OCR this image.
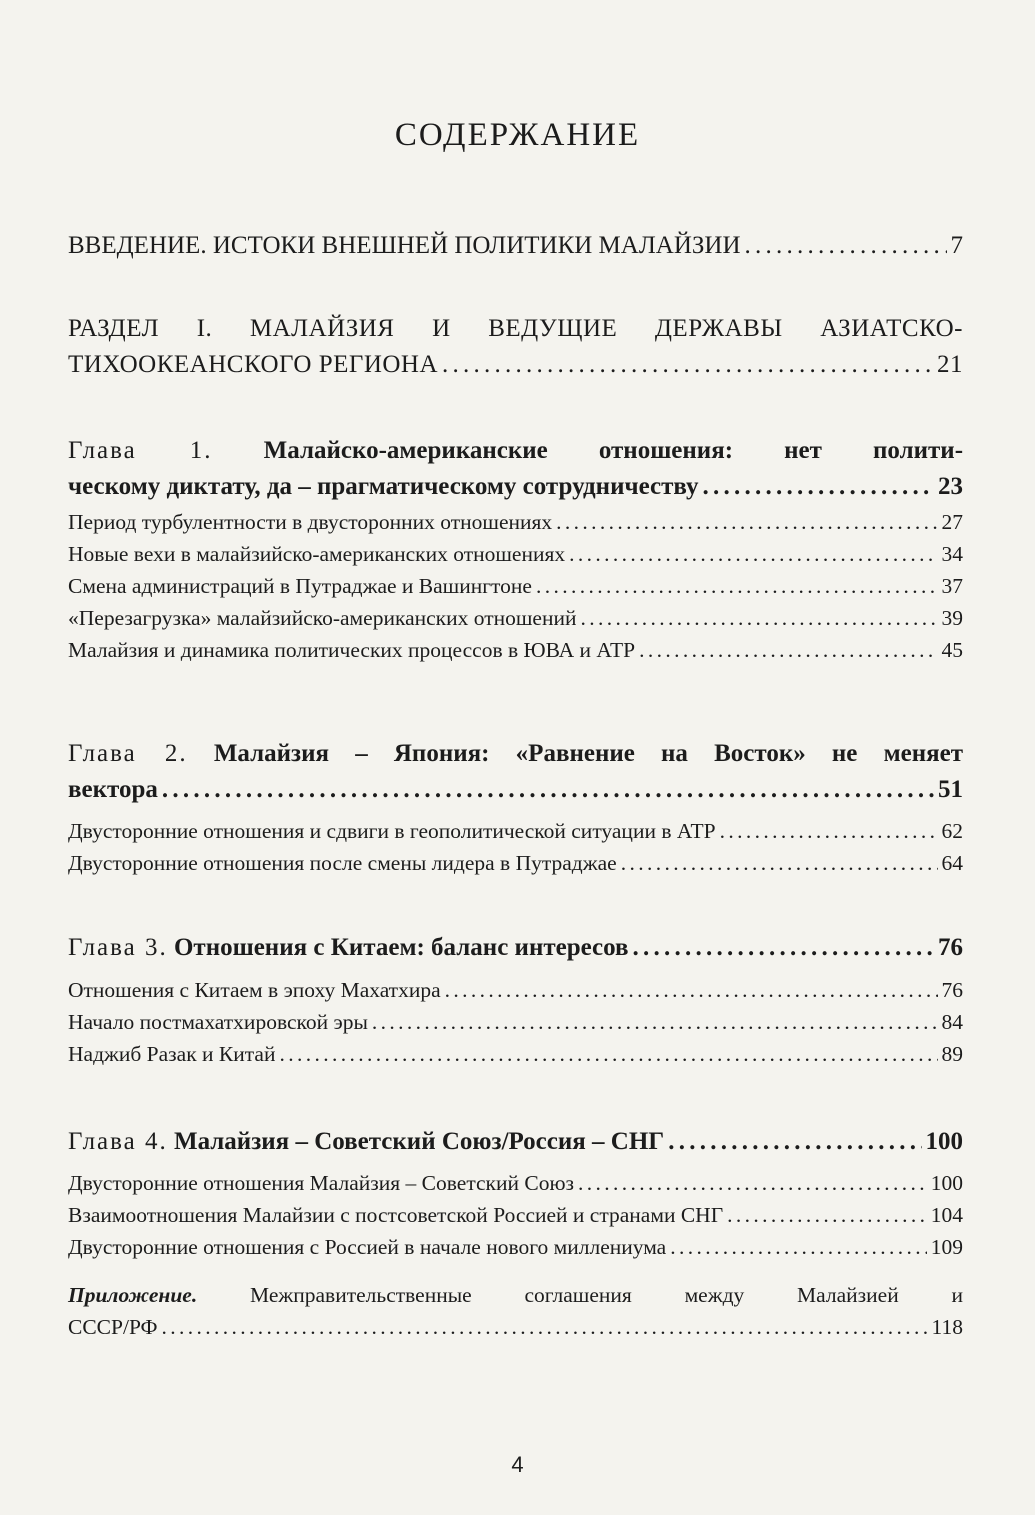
СОДЕРЖАНИЕ
ВВЕДЕНИЕ. ИСТОКИ ВНЕШНЕЙ ПОЛИТИКИ МАЛАЙЗИИ . . .	7
РАЗДЕЛ I. МАЛАЙЗИЯ И ВЕДУЩИЕ ДЕРЖАВЫ АЗИАТСКО-
ТИХООКЕАНСКОГО РЕГИОНА . . .	21
Глава 1. Малайско-американские отношения: нет полити-
ческому диктату, да – прагматическому сотрудничеству . . .	23
Период турбулентности в двусторонних отношениях . . .	27
Новые вехи в малайзийско-американских отношениях . . .	34
Смена администраций в Путраджае и Вашингтоне . . .	37
«Перезагрузка» малайзийско-американских отношений . . .	39
Малайзия и динамика политических процессов в ЮВА и АТР . . .	45
Глава 2. Малайзия – Япония: «Равнение на Восток» не меняет
вектора . . .	51
Двусторонние отношения и сдвиги в геополитической ситуации в АТР . . .	62
Двусторонние отношения после смены лидера в Путраджае . . .	64
Глава 3. Отношения с Китаем: баланс интересов . . .	76
Отношения с Китаем в эпоху Махатхира . . .	76
Начало постмахатхировской эры . . .	84
Наджиб Разак и Китай . . .	89
Глава 4. Малайзия – Советский Союз/Россия – СНГ . . .	100
Двусторонние отношения Малайзия – Советский Союз . . .	100
Взаимоотношения Малайзии с постсоветской Россией и странами СНГ . . .	104
Двусторонние отношения с Россией в начале нового миллениума . . .	109
Приложение. Межправительственные соглашения между Малайзией и
СССР/РФ . . .	118
4
